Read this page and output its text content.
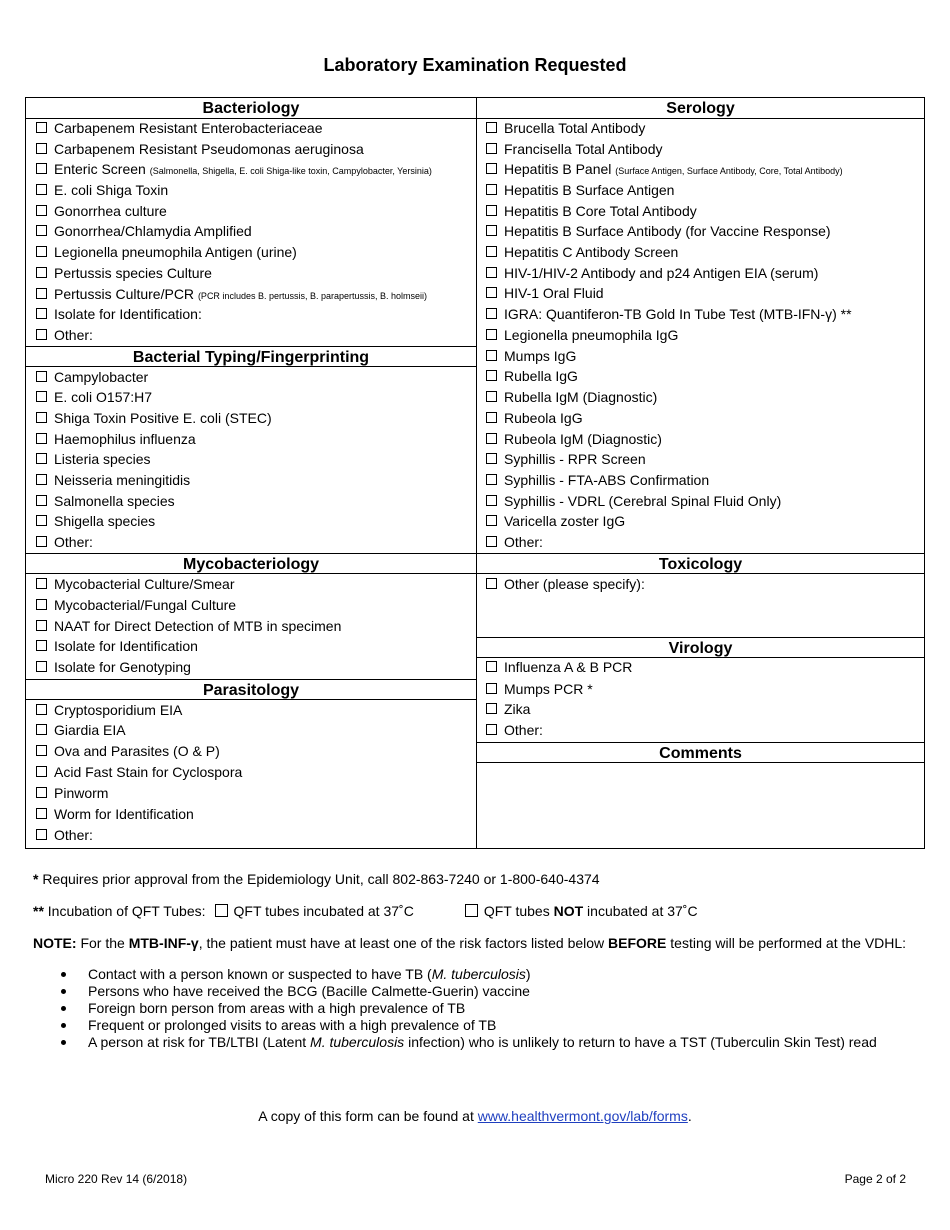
Laboratory Examination Requested
Bacteriology
Carbapenem Resistant Enterobacteriaceae
Carbapenem Resistant Pseudomonas aeruginosa
Enteric Screen (Salmonella, Shigella, E. coli Shiga-like toxin, Campylobacter, Yersinia)
E. coli Shiga Toxin
Gonorrhea culture
Gonorrhea/Chlamydia Amplified
Legionella pneumophila Antigen (urine)
Pertussis species Culture
Pertussis Culture/PCR (PCR includes B. pertussis, B. parapertussis, B. holmseii)
Isolate for Identification:
Other:
Bacterial Typing/Fingerprinting
Campylobacter
E. coli O157:H7
Shiga Toxin Positive E. coli (STEC)
Haemophilus influenza
Listeria species
Neisseria meningitidis
Salmonella species
Shigella species
Other:
Mycobacteriology
Mycobacterial Culture/Smear
Mycobacterial/Fungal Culture
NAAT for Direct Detection of MTB in specimen
Isolate for Identification
Isolate for Genotyping
Parasitology
Cryptosporidium EIA
Giardia EIA
Ova and Parasites (O & P)
Acid Fast Stain for Cyclospora
Pinworm
Worm for Identification
Other:
Serology
Brucella Total Antibody
Francisella Total Antibody
Hepatitis B Panel (Surface Antigen, Surface Antibody, Core, Total Antibody)
Hepatitis B Surface Antigen
Hepatitis B Core Total Antibody
Hepatitis B Surface Antibody (for Vaccine Response)
Hepatitis C Antibody Screen
HIV-1/HIV-2 Antibody and p24 Antigen EIA (serum)
HIV-1 Oral Fluid
IGRA: Quantiferon-TB Gold In Tube Test (MTB-IFN-γ) **
Legionella pneumophila IgG
Mumps IgG
Rubella IgG
Rubella IgM (Diagnostic)
Rubeola IgG
Rubeola IgM (Diagnostic)
Syphillis - RPR Screen
Syphillis - FTA-ABS Confirmation
Syphillis - VDRL (Cerebral Spinal Fluid Only)
Varicella zoster IgG
Other:
Toxicology
Other (please specify):
Virology
Influenza A & B PCR
Mumps PCR *
Zika
Other:
Comments
* Requires prior approval from the Epidemiology Unit, call 802-863-7240 or 1-800-640-4374
** Incubation of QFT Tubes: QFT tubes incubated at 37˚C	QFT tubes NOT incubated at 37˚C
NOTE: For the MTB-INF-γ, the patient must have at least one of the risk factors listed below BEFORE testing will be performed at the VDHL:
Contact with a person known or suspected to have TB (M. tuberculosis)
Persons who have received the BCG (Bacille Calmette-Guerin) vaccine
Foreign born person from areas with a high prevalence of TB
Frequent or prolonged visits to areas with a high prevalence of TB
A person at risk for TB/LTBI (Latent M. tuberculosis infection) who is unlikely to return to have a TST (Tuberculin Skin Test) read
A copy of this form can be found at www.healthvermont.gov/lab/forms.
Micro 220 Rev 14 (6/2018)	Page 2 of 2
